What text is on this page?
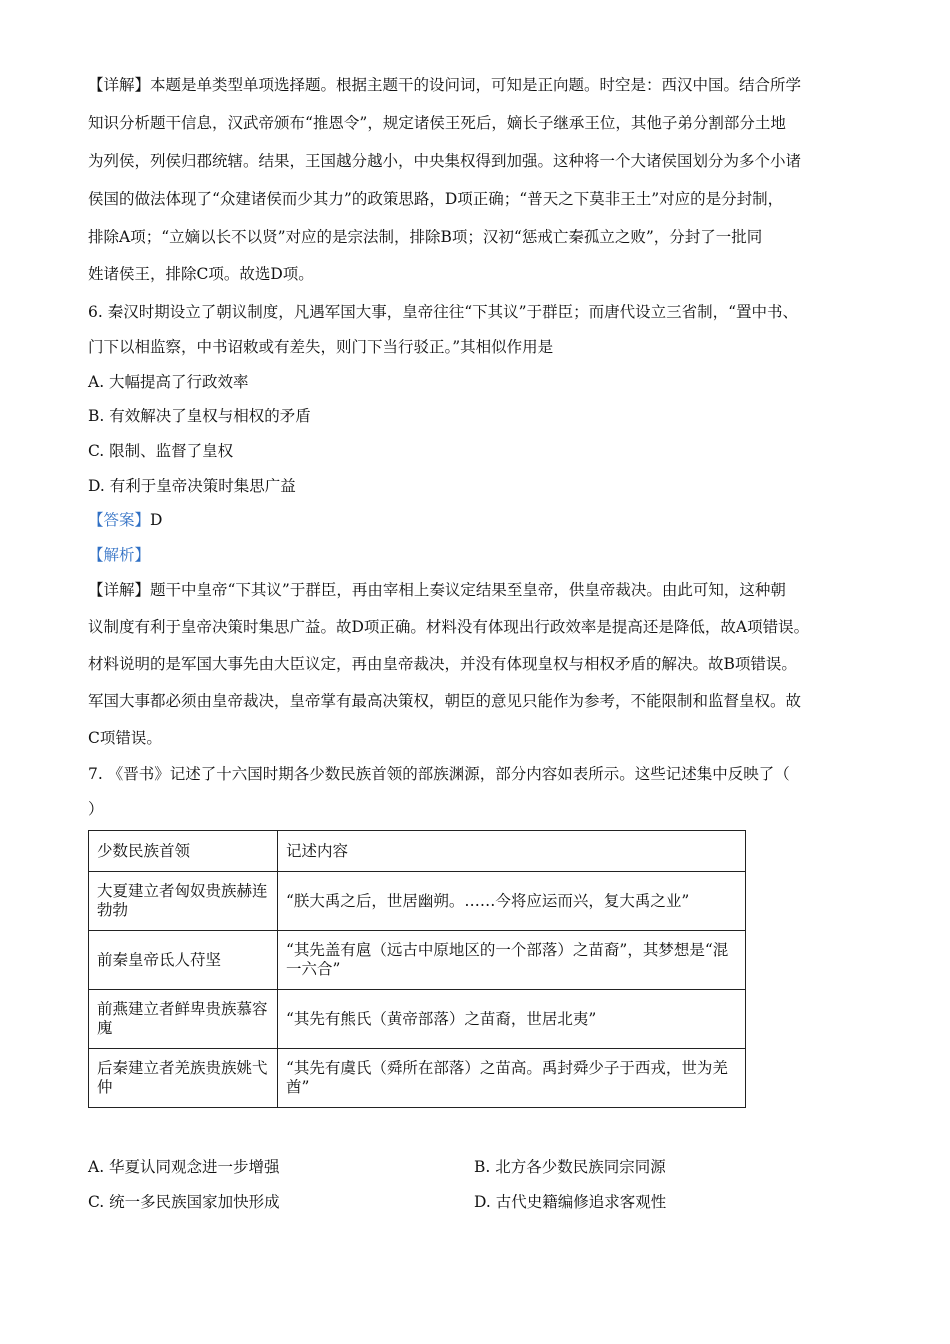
【详解】本题是单类型单项选择题。根据主题干的设问词，可知是正向题。时空是：西汉中国。结合所学
知识分析题干信息，汉武帝颁布“推恩令”，规定诸侯王死后，嫡长子继承王位，其他子弟分割部分土地
为列侯，列侯归郡统辖。结果，王国越分越小，中央集权得到加强。这种将一个大诸侯国划分为多个小诸
侯国的做法体现了“众建诸侯而少其力”的政策思路，D项正确；“普天之下莫非王土”对应的是分封制，
排除A项；“立嫡以长不以贤”对应的是宗法制，排除B项；汉初“惩戒亡秦孤立之败”，分封了一批同
姓诸侯王，排除C项。故选D项。
6. 秦汉时期设立了朝议制度，凡遇军国大事，皇帝往往“下其议”于群臣；而唐代设立三省制，“置中书、
门下以相监察，中书诏敕或有差失，则门下当行驳正。”其相似作用是
A. 大幅提高了行政效率
B. 有效解决了皇权与相权的矛盾
C. 限制、监督了皇权
D. 有利于皇帝决策时集思广益
【答案】D
【解析】
【详解】题干中皇帝“下其议”于群臣，再由宰相上奏议定结果至皇帝，供皇帝裁决。由此可知，这种朝
议制度有利于皇帝决策时集思广益。故D项正确。材料没有体现出行政效率是提高还是降低，故A项错误。
材料说明的是军国大事先由大臣议定，再由皇帝裁决，并没有体现皇权与相权矛盾的解决。故B项错误。
军国大事都必须由皇帝裁决，皇帝掌有最高决策权，朝臣的意见只能作为参考，不能限制和监督皇权。故
C项错误。
7. 《晋书》记述了十六国时期各少数民族首领的部族渊源，部分内容如表所示。这些记述集中反映了（
）
少数民族首领	记述内容
大夏建立者匈奴贵族赫连勃勃	“朕大禹之后，世居幽朔。……今将应运而兴，复大禹之业”
前秦皇帝氐人苻坚	“其先盖有扈（远古中原地区的一个部落）之苗裔”，其梦想是“混一六合”
前燕建立者鲜卑贵族慕容廆	“其先有熊氏（黄帝部落）之苗裔，世居北夷”
后秦建立者羌族贵族姚弋仲	“其先有虞氏（舜所在部落）之苗高。禹封舜少子于西戎，世为羌酋”
A. 华夏认同观念进一步增强	B. 北方各少数民族同宗同源
C. 统一多民族国家加快形成	D. 古代史籍编修追求客观性
